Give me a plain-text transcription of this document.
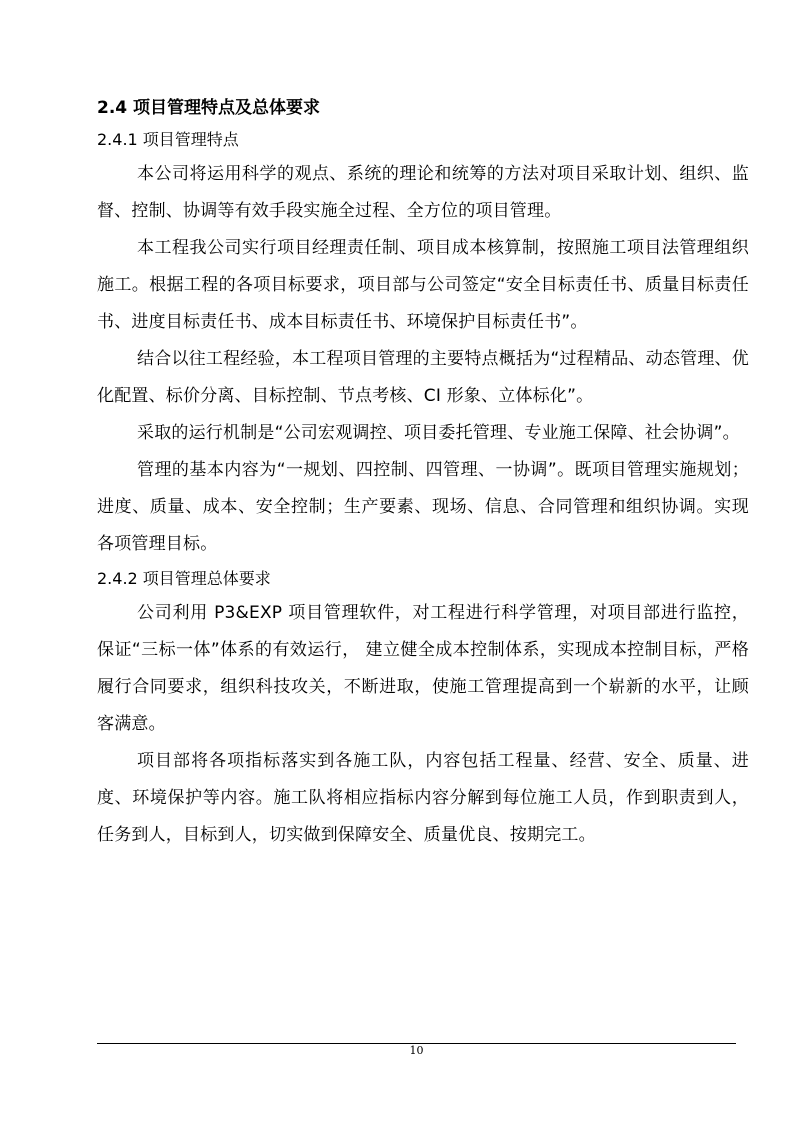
2.4 项目管理特点及总体要求
2.4.1 项目管理特点

本公司将运用科学的观点、系统的理论和统筹的方法对项目采取计划、组织、监督、控制、协调等有效手段实施全过程、全方位的项目管理。

本工程我公司实行项目经理责任制、项目成本核算制，按照施工项目法管理组织施工。根据工程的各项目标要求，项目部与公司签定“安全目标责任书、质量目标责任书、进度目标责任书、成本目标责任书、环境保护目标责任书”。

结合以往工程经验，本工程项目管理的主要特点概括为“过程精品、动态管理、优化配置、标价分离、目标控制、节点考核、CI 形象、立体标化”。

采取的运行机制是“公司宏观调控、项目委托管理、专业施工保障、社会协调”。

管理的基本内容为“一规划、四控制、四管理、一协调”。既项目管理实施规划；进度、质量、成本、安全控制；生产要素、现场、信息、合同管理和组织协调。实现各项管理目标。

2.4.2 项目管理总体要求

公司利用 P3&EXP 项目管理软件，对工程进行科学管理，对项目部进行监控，保证“三标一体”体系的有效运行， 建立健全成本控制体系，实现成本控制目标，严格履行合同要求，组织科技攻关，不断进取，使施工管理提高到一个崭新的水平，让顾客满意。

项目部将各项指标落实到各施工队，内容包括工程量、经营、安全、质量、进度、环境保护等内容。施工队将相应指标内容分解到每位施工人员，作到职责到人，任务到人，目标到人，切实做到保障安全、质量优良、按期完工。

10
